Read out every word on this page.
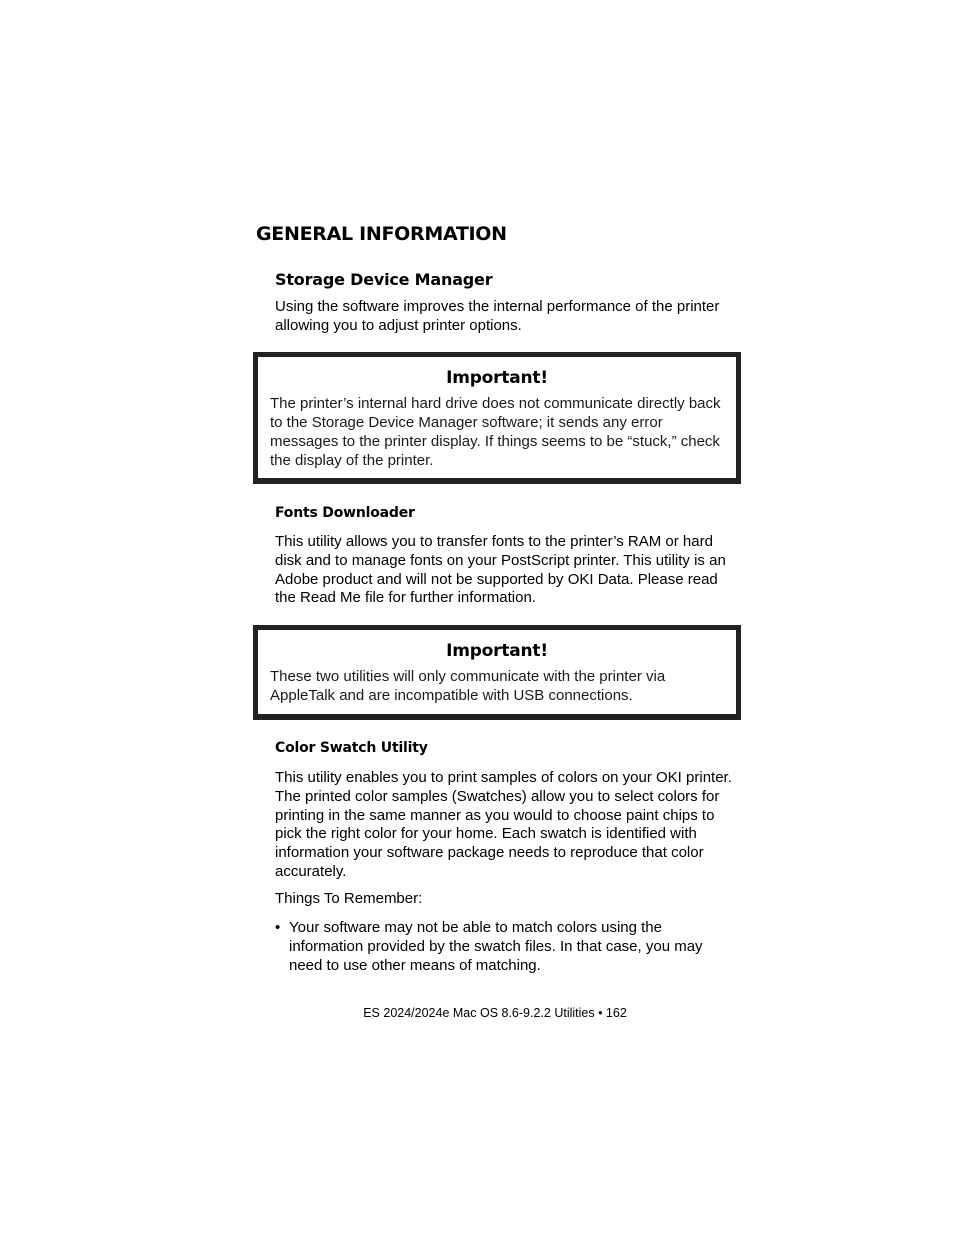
GENERAL INFORMATION
Storage Device Manager

Using the software improves the internal performance of the printer allowing you to adjust printer options.

Important!

The printer’s internal hard drive does not communicate directly back to the Storage Device Manager software; it sends any error messages to the printer display. If things seems to be “stuck,” check the display of the printer.

Fonts Downloader

This utility allows you to transfer fonts to the printer’s RAM or hard disk and to manage fonts on your PostScript printer. This utility is an Adobe product and will not be supported by OKI Data. Please read the Read Me file for further information.

Important!

These two utilities will only communicate with the printer via AppleTalk and are incompatible with USB connections.

Color Swatch Utility

This utility enables you to print samples of colors on your OKI printer. The printed color samples (Swatches) allow you to select colors for printing in the same manner as you would to choose paint chips to pick the right color for your home. Each swatch is identified with information your software package needs to reproduce that color accurately.

Things To Remember:
• Your software may not be able to match colors using the information provided by the swatch files. In that case, you may need to use other means of matching.

ES 2024/2024e Mac OS 8.6-9.2.2 Utilities • 162
